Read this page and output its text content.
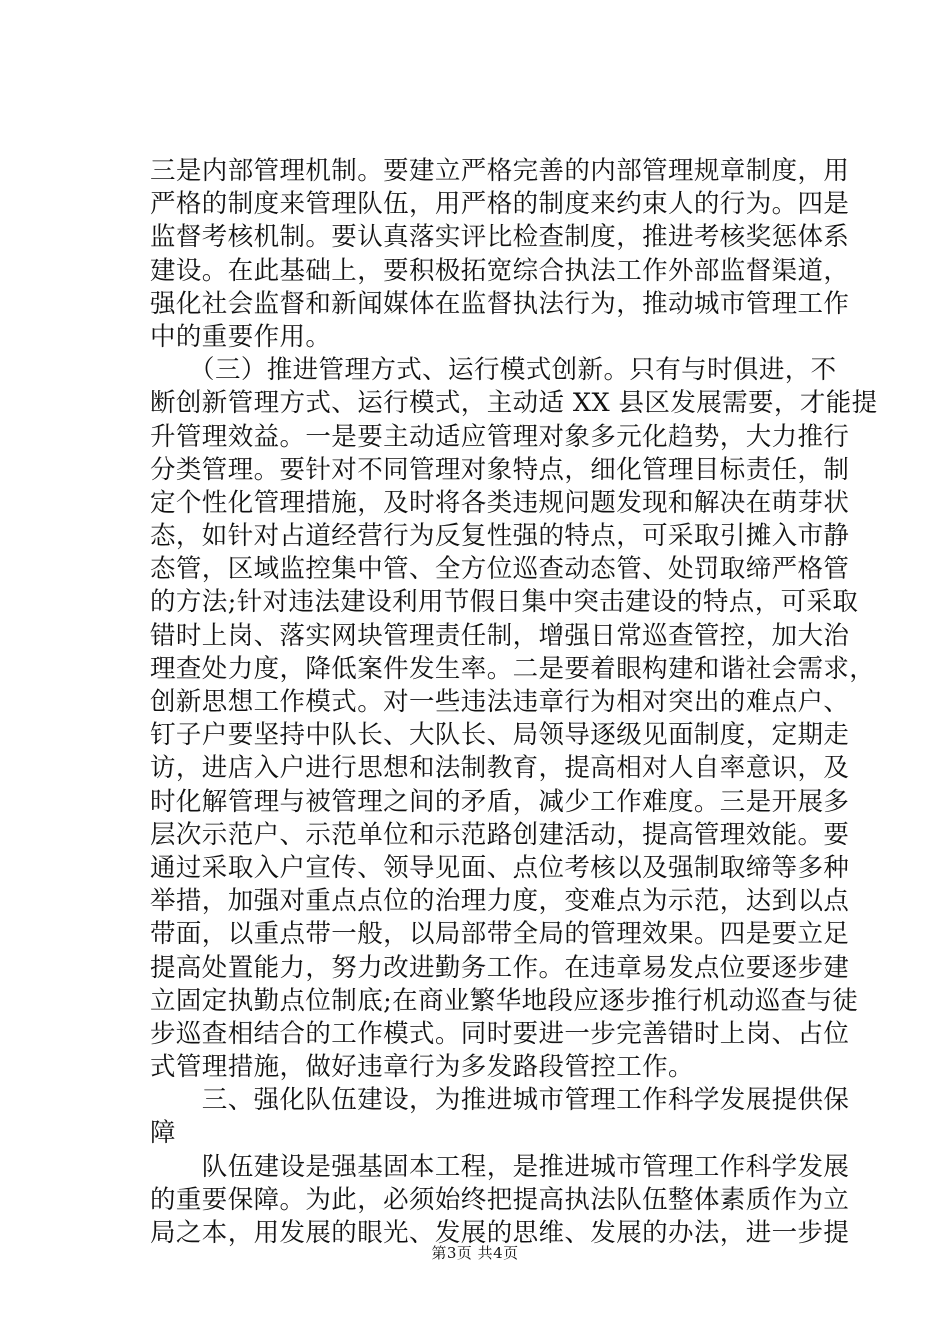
三是内部管理机制。要建立严格完善的内部管理规章制度，用
严格的制度来管理队伍，用严格的制度来约束人的行为。四是
监督考核机制。要认真落实评比检查制度，推进考核奖惩体系
建设。在此基础上，要积极拓宽综合执法工作外部监督渠道，
强化社会监督和新闻媒体在监督执法行为，推动城市管理工作
中的重要作用。
　　（三）推进管理方式、运行模式创新。只有与时俱进，不
断创新管理方式、运行模式，主动适 XX 县区发展需要，才能提
升管理效益。一是要主动适应管理对象多元化趋势，大力推行
分类管理。要针对不同管理对象特点，细化管理目标责任，制
定个性化管理措施，及时将各类违规问题发现和解决在萌芽状
态，如针对占道经营行为反复性强的特点，可采取引摊入市静
态管，区域监控集中管、全方位巡查动态管、处罚取缔严格管
的方法;针对违法建设利用节假日集中突击建设的特点，可采取
错时上岗、落实网块管理责任制，增强日常巡查管控，加大治
理查处力度，降低案件发生率。二是要着眼构建和谐社会需求，
创新思想工作模式。对一些违法违章行为相对突出的难点户、
钉子户要坚持中队长、大队长、局领导逐级见面制度，定期走
访，进店入户进行思想和法制教育，提高相对人自率意识，及
时化解管理与被管理之间的矛盾，减少工作难度。三是开展多
层次示范户、示范单位和示范路创建活动，提高管理效能。要
通过采取入户宣传、领导见面、点位考核以及强制取缔等多种
举措，加强对重点点位的治理力度，变难点为示范，达到以点
带面，以重点带一般，以局部带全局的管理效果。四是要立足
提高处置能力，努力改进勤务工作。在违章易发点位要逐步建
立固定执勤点位制底;在商业繁华地段应逐步推行机动巡查与徒
步巡查相结合的工作模式。同时要进一步完善错时上岗、占位
式管理措施，做好违章行为多发路段管控工作。
　　三、强化队伍建设，为推进城市管理工作科学发展提供保
障
　　队伍建设是强基固本工程，是推进城市管理工作科学发展
的重要保障。为此，必须始终把提高执法队伍整体素质作为立
局之本，用发展的眼光、发展的思维、发展的办法，进一步提
第3页 共4页
